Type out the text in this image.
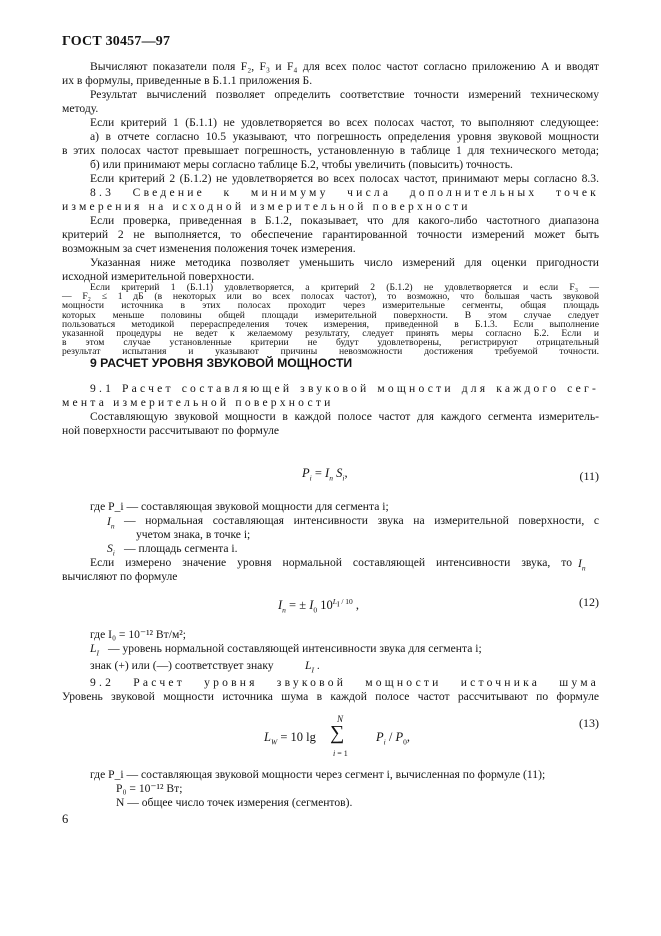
ГОСТ 30457—97
Вычисляют показатели поля F₂, F₃ и F₄ для всех полос частот согласно приложению А и вводят
их в формулы, приведенные в Б.1.1 приложения Б.
Результат вычислений позволяет определить соответствие точности измерений техническому
методу.
Если критерий 1 (Б.1.1) не удовлетворяется во всех полосах частот, то выполняют следующее:
а) в отчете согласно 10.5 указывают, что погрешность определения уровня звуковой мощности
в этих полосах частот превышает погрешность, установленную в таблице 1 для технического метода;
б) или принимают меры согласно таблице Б.2, чтобы увеличить (повысить) точность.
Если критерий 2 (Б.1.2) не удовлетворяется во всех полосах частот, принимают меры согласно 8.3.
8.3 Сведение к минимуму числа дополнительных точек
измерения на исходной измерительной поверхности
Если проверка, приведенная в Б.1.2, показывает, что для какого-либо частотного диапазона
критерий 2 не выполняется, то обеспечение гарантированной точности измерений может быть
возможным за счет изменения положения точек измерения.
Указанная ниже методика позволяет уменьшить число измерений для оценки пригодности
исходной измерительной поверхности.
9 РАСЧЕТ УРОВНЯ ЗВУКОВОЙ МОЩНОСТИ
9.1 Расчет составляющей звуковой мощности для каждого сег-
мента измерительной поверхности
Составляющую звуковой мощности в каждой полосе частот для каждого сегмента измеритель-
ной поверхности рассчитывают по формуле
$P_i = I_n$ $S_i$,	(11)
где P_i — составляющая звуковой мощности для сегмента i;
$I_n$ — нормальная составляющая интенсивности звука на измерительной поверхности, с
учетом знака, в точке i;
$S_i$ — площадь сегмента i.
Если измерено значение уровня нормальной составляющей интенсивности звука, то $I_n$
вычисляют по формуле
$I_n$ = ± $I_0$ $10^{L_I / 10}$ ,	(12)
где I₀ = 10⁻¹² Вт/м²;
$L_I$ — уровень нормальной составляющей интенсивности звука для сегмента i;
знак (+) или (—) соответствует знаку	$L_I$ .
9.2 Расчет уровня звуковой мощности источника шума
Уровень звуковой мощности источника шума в каждой полосе частот рассчитывают по формуле
$L_W = 10$ lg
N
∑
i = 1
$P_i / P_0$,
(13)
где P_i — составляющая звуковой мощности через сегмент i, вычисленная по формуле (11);
P₀ = 10⁻¹² Вт;
N — общее число точек измерения (сегментов).
6
Если критерий 1 (Б.1.1) удовлетворяется, а критерий 2 (Б.1.2) не удовлетворяется и если F₃ —
— F₂ ≤ 1 дБ (в некоторых или во всех полосах частот), то возможно, что большая часть звуковой
мощности источника в этих полосах проходит через измерительные сегменты, общая площадь
которых меньше половины общей площади измерительной поверхности. В этом случае следует
пользоваться методикой перераспределения точек измерения, приведенной в Б.1.3. Если выполнение
указанной процедуры не ведет к желаемому результату, следует принять меры согласно Б.2. Если и
в этом случае установленные критерии не будут удовлетворены, регистрируют отрицательный
результат испытания и указывают причины невозможности достижения требуемой точности.
